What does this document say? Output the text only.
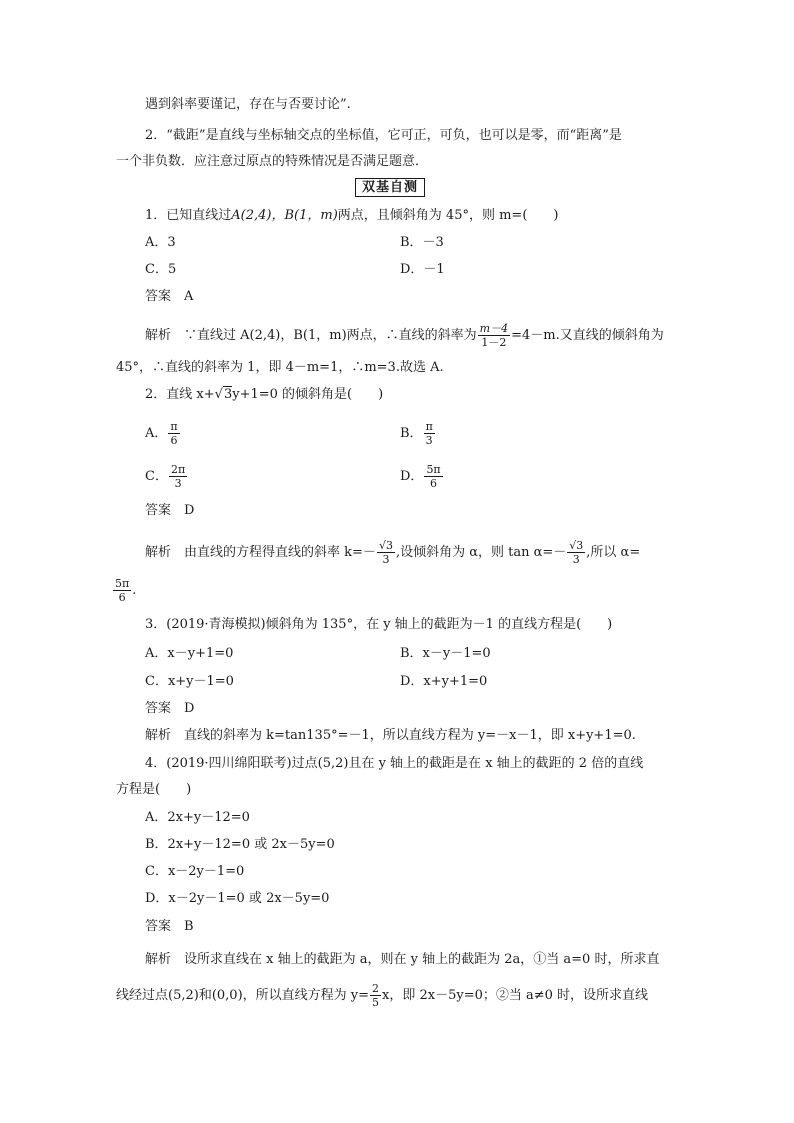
遇到斜率要谨记，存在与否要讨论”.
2．“截距”是直线与坐标轴交点的坐标值，它可正，可负，也可以是零，而“距离”是
一个非负数．应注意过原点的特殊情况是否满足题意．
双基自测
1．已知直线过A(2,4)，B(1，m)两点，且倾斜角为 45°，则 m=(　　)
A．3	B．－3
C．5	D．－1
答案　 A
解析　 ∵直线过 A(2,4)，B(1，m)两点，∴直线的斜率为 $\frac{m-4}{1-2} =4-m$.又直线的倾斜角为
45°，∴直线的斜率为 1，即 4－m=1，∴m=3.故选 A.
2．直线 x+√3y+1=0 的倾斜角是(　　)
A． $\frac{\pi}{6}$	B． $\frac{\pi}{3}$
C． $\frac{2\pi}{3}$	D． $\frac{5\pi}{6}$
答案　 D
解析　 由直线的方程得直线的斜率 $k=- \frac{√3}{3}$ ,设倾斜角为 α，则 $\tan \alpha=- \frac{√3}{3}$ ,所以 α=
$\frac{5\pi}{6}$ .
3．(2019·青海模拟)倾斜角为 135°，在 y 轴上的截距为－1 的直线方程是(　　)
A．x－y+1=0	B．x－y－1=0
C．x+y－1=0	D．x+y+1=0
答案　 D
解析　 直线的斜率为 k=tan135°=－1，所以直线方程为 y=－x－1，即 x+y+1=0.
4．(2019·四川绵阳联考)过点(5,2)且在 y 轴上的截距是在 x 轴上的截距的 2 倍的直线
方程是(　　)
A．2x+y－12=0
B．2x+y－12=0 或 2x－5y=0
C．x－2y－1=0
D．x－2y－1=0 或 2x－5y=0
答案　 B
解析　 设所求直线在 x 轴上的截距为 a，则在 y 轴上的截距为 2a，①当 a=0 时，所求直
线经过点(5,2)和(0,0)，所以直线方程为 $y= \frac{2}{5}$ x，即 2x－5y=0；②当 a≠0 时，设所求直线
